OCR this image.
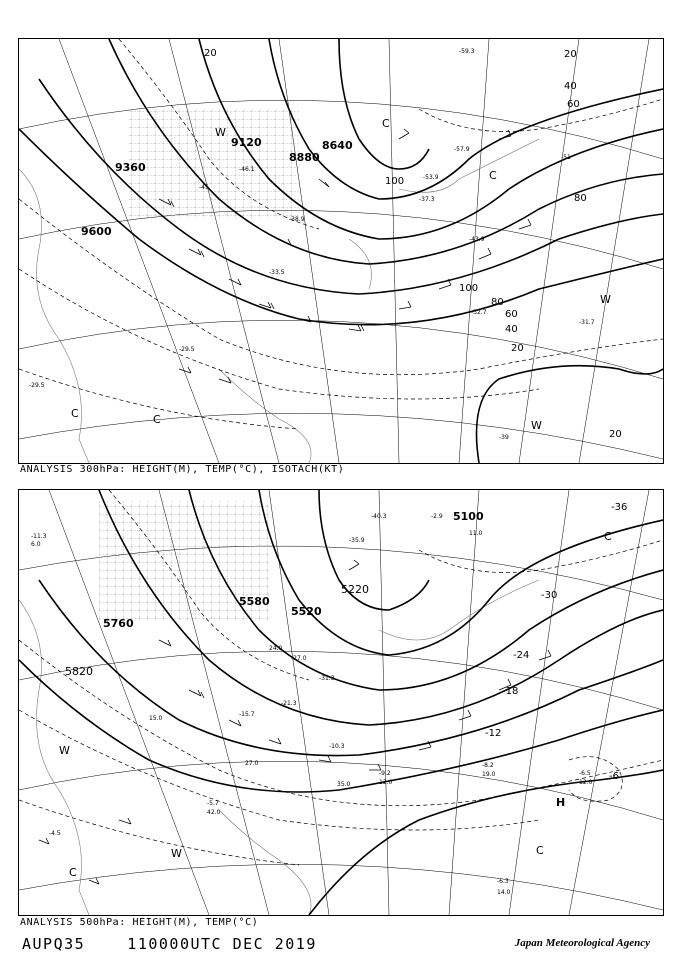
9600
9360
9120
8880
8640
20	20
40
60
80
100
100
80
60
40
20
20
C	C
C
W
W
W
C
-29.5
-33.5
-38.9
-45
-46.1
-51
-53.9
-57.9
-59.3
-37.3
-31.7
-29.5
-32.7
-43.9
-39
ANALYSIS 300hPa: HEIGHT(M), TEMP(°C), ISOTACH(KT)
5820
5760
5580
5520
5220
5100
-36
-30
-24
-18
-12
-6
W
W
C
C
C
H
-11.3
-8.2
-15.7
-21.3
-27.0
-31.3
-35.9
-40.3	-2.9
-6.3
-9.2
-10.3
-5.7
-4.5
-6.5
14.0
12.0
19.0
27.0
35.0
6.0
11.0
24.0
15.0
12.0
42.0
ANALYSIS 500hPa: HEIGHT(M), TEMP(°C)
AUPQ35    110000UTC DEC 2019	Japan Meteorological Agency
